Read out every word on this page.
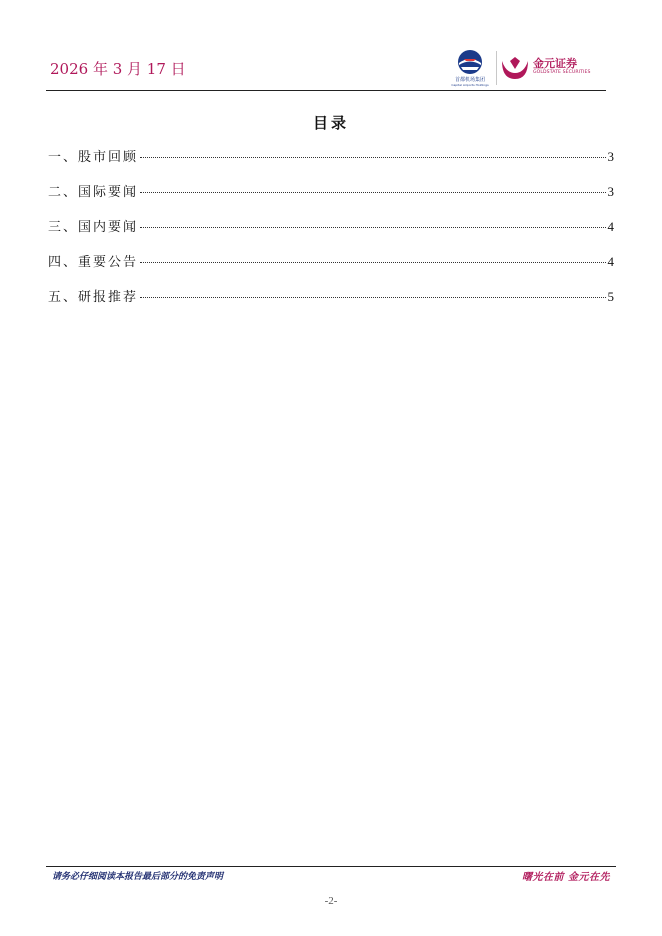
2026 年 3 月 17 日
首都机场集团
Capital Airports Holdings
金元证券
GOLDSTATE SECURITIES
目录
一、股市回顾	3
二、国际要闻	3
三、国内要闻	4
四、重要公告	4
五、研报推荐	5
请务必仔细阅读本报告最后部分的免责声明	曙光在前 金元在先
-2-
